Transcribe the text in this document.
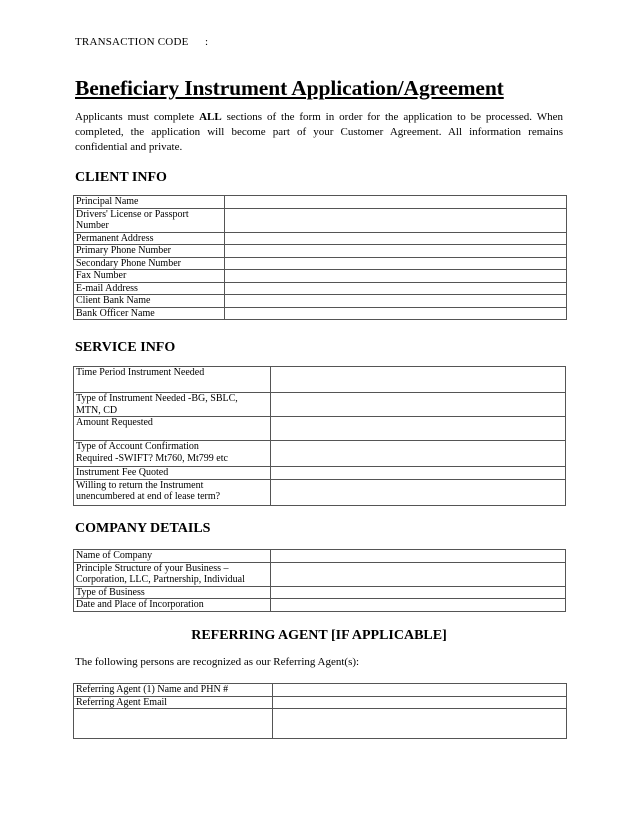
TRANSACTION CODE :
Beneficiary Instrument Application/Agreement

Applicants must complete ALL sections of the form in order for the application to be processed. When completed, the application will become part of your Customer Agreement. All information remains confidential and private.

CLIENT INFO
Principal Name	

Drivers' License or Passport
Number	

Permanent Address	

Primary Phone Number	

Secondary Phone Number	

Fax Number	

E-mail Address	

Client Bank Name	

Bank Officer Name	

SERVICE INFO
Time Period Instrument Needed	

Type of Instrument Needed -BG, SBLC,
MTN, CD	

Amount Requested	

Type of Account Confirmation
Required -SWIFT? Mt760, Mt799 etc	

Instrument Fee Quoted	

Willing to return the Instrument
unencumbered at end of lease term?	

COMPANY DETAILS
Name of Company	

Principle Structure of your Business –
Corporation, LLC, Partnership, Individual	

Type of Business	

Date and Place of Incorporation	

REFERRING AGENT [IF APPLICABLE]
The following persons are recognized as our Referring Agent(s):
Referring Agent (1) Name and PHN #	

Referring Agent Email	
